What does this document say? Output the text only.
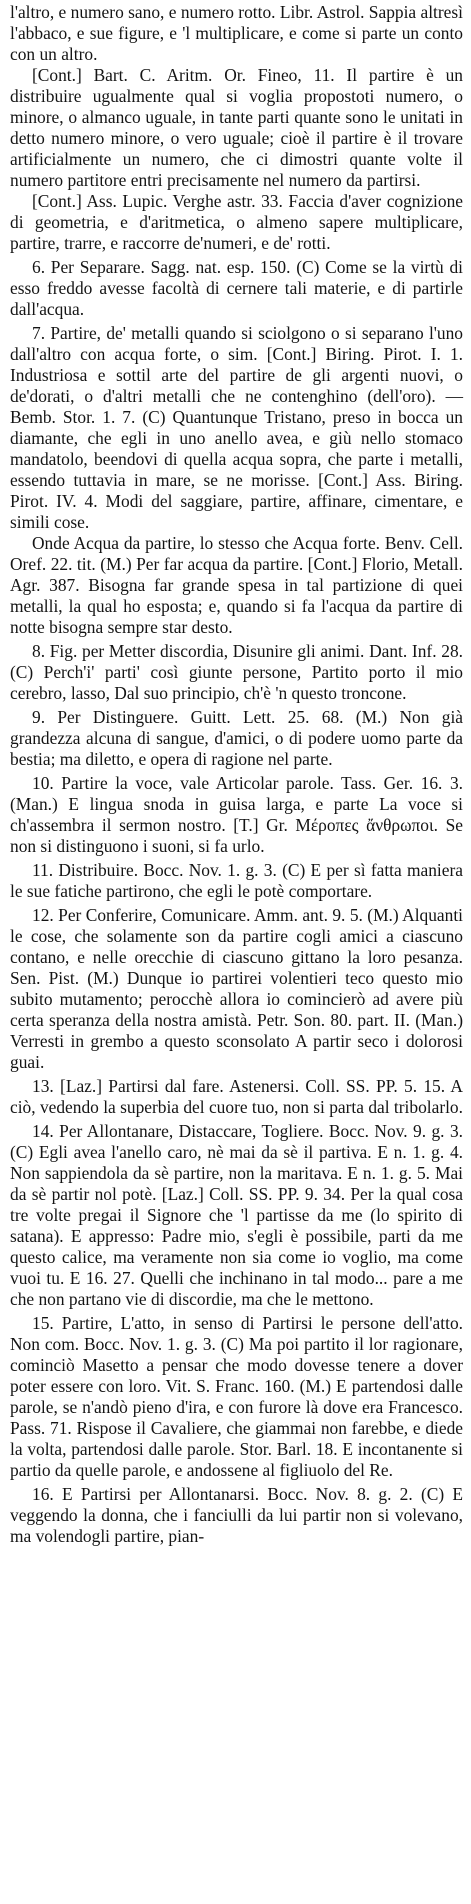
l'altro, e numero sano, e numero rotto. Libr. Astrol. Sappia altresì l'abbaco, e sue figure, e 'l multiplicare, e come si parte un conto con un altro.

[Cont.] Bart. C. Aritm. Or. Fineo, 11. Il partire è un distribuire ugualmente qual si voglia propostoti numero, o minore, o almanco uguale, in tante parti quante sono le unitati in detto numero minore, o vero uguale; cioè il partire è il trovare artificialmente un numero, che ci dimostri quante volte il numero partitore entri precisamente nel numero da partirsi.

[Cont.] Ass. Lupic. Verghe astr. 33. Faccia d'aver cognizione di geometria, e d'aritmetica, o almeno sapere multiplicare, partire, trarre, e raccorre de'numeri, e de' rotti.

6. Per Separare. Sagg. nat. esp. 150. (C) Come se la virtù di esso freddo avesse facoltà di cernere tali materie, e di partirle dall'acqua.

7. Partire, de' metalli quando si sciolgono o si separano l'uno dall'altro con acqua forte, o sim. [Cont.] Biring. Pirot. I. 1. Industriosa e sottil arte del partire de gli argenti nuovi, o de'dorati, o d'altri metalli che ne contenghino (dell'oro). — Bemb. Stor. 1. 7. (C) Quantunque Tristano, preso in bocca un diamante, che egli in uno anello avea, e giù nello stomaco mandatolo, beendovi di quella acqua sopra, che parte i metalli, essendo tuttavia in mare, se ne morisse. [Cont.] Ass. Biring. Pirot. IV. 4. Modi del saggiare, partire, affinare, cimentare, e simili cose.

Onde Acqua da partire, lo stesso che Acqua forte. Benv. Cell. Oref. 22. tit. (M.) Per far acqua da partire. [Cont.] Florio, Metall. Agr. 387. Bisogna far grande spesa in tal partizione di quei metalli, la qual ho esposta; e, quando si fa l'acqua da partire di notte bisogna sempre star desto.

8. Fig. per Metter discordia, Disunire gli animi. Dant. Inf. 28. (C) Perch'i' parti' così giunte persone, Partito porto il mio cerebro, lasso, Dal suo principio, ch'è 'n questo troncone.

9. Per Distinguere. Guitt. Lett. 25. 68. (M.) Non già grandezza alcuna di sangue, d'amici, o di podere uomo parte da bestia; ma diletto, e opera di ragione nel parte.

10. Partire la voce, vale Articolar parole. Tass. Ger. 16. 3. (Man.) E lingua snoda in guisa larga, e parte La voce si ch'assembra il sermon nostro. [T.] Gr. Μέροπες ἄνθρωποι. Se non si distinguono i suoni, si fa urlo.

11. Distribuire. Bocc. Nov. 1. g. 3. (C) E per sì fatta maniera le sue fatiche partirono, che egli le potè comportare.

12. Per Conferire, Comunicare. Amm. ant. 9. 5. (M.) Alquanti le cose, che solamente son da partire cogli amici a ciascuno contano, e nelle orecchie di ciascuno gittano la loro pesanza. Sen. Pist. (M.) Dunque io partirei volentieri teco questo mio subito mutamento; perocchè allora io comincierò ad avere più certa speranza della nostra amistà. Petr. Son. 80. part. II. (Man.) Verresti in grembo a questo sconsolato A partir seco i dolorosi guai.

13. [Laz.] Partirsi dal fare. Astenersi. Coll. SS. PP. 5. 15. A ciò, vedendo la superbia del cuore tuo, non si parta dal tribolarlo.

14. Per Allontanare, Distaccare, Togliere. Bocc. Nov. 9. g. 3. (C) Egli avea l'anello caro, nè mai da sè il partiva. E n. 1. g. 4. Non sappiendola da sè partire, non la maritava. E n. 1. g. 5. Mai da sè partir nol potè. [Laz.] Coll. SS. PP. 9. 34. Per la qual cosa tre volte pregai il Signore che 'l partisse da me (lo spirito di satana). E appresso: Padre mio, s'egli è possibile, parti da me questo calice, ma veramente non sia come io voglio, ma come vuoi tu. E 16. 27. Quelli che inchinano in tal modo... pare a me che non partano vie di discordie, ma che le mettono.

15. Partire, L'atto, in senso di Partirsi le persone dell'atto. Non com. Bocc. Nov. 1. g. 3. (C) Ma poi partito il lor ragionare, cominciò Masetto a pensar che modo dovesse tenere a dover poter essere con loro. Vit. S. Franc. 160. (M.) E partendosi dalle parole, se n'andò pieno d'ira, e con furore là dove era Francesco. Pass. 71. Rispose il Cavaliere, che giammai non farebbe, e diede la volta, partendosi dalle parole. Stor. Barl. 18. E incontanente si partio da quelle parole, e andossene al figliuolo del Re.

16. E Partirsi per Allontanarsi. Bocc. Nov. 8. g. 2. (C) E veggendo la donna, che i fanciulli da lui partir non si volevano, ma volendogli partire, pian-
